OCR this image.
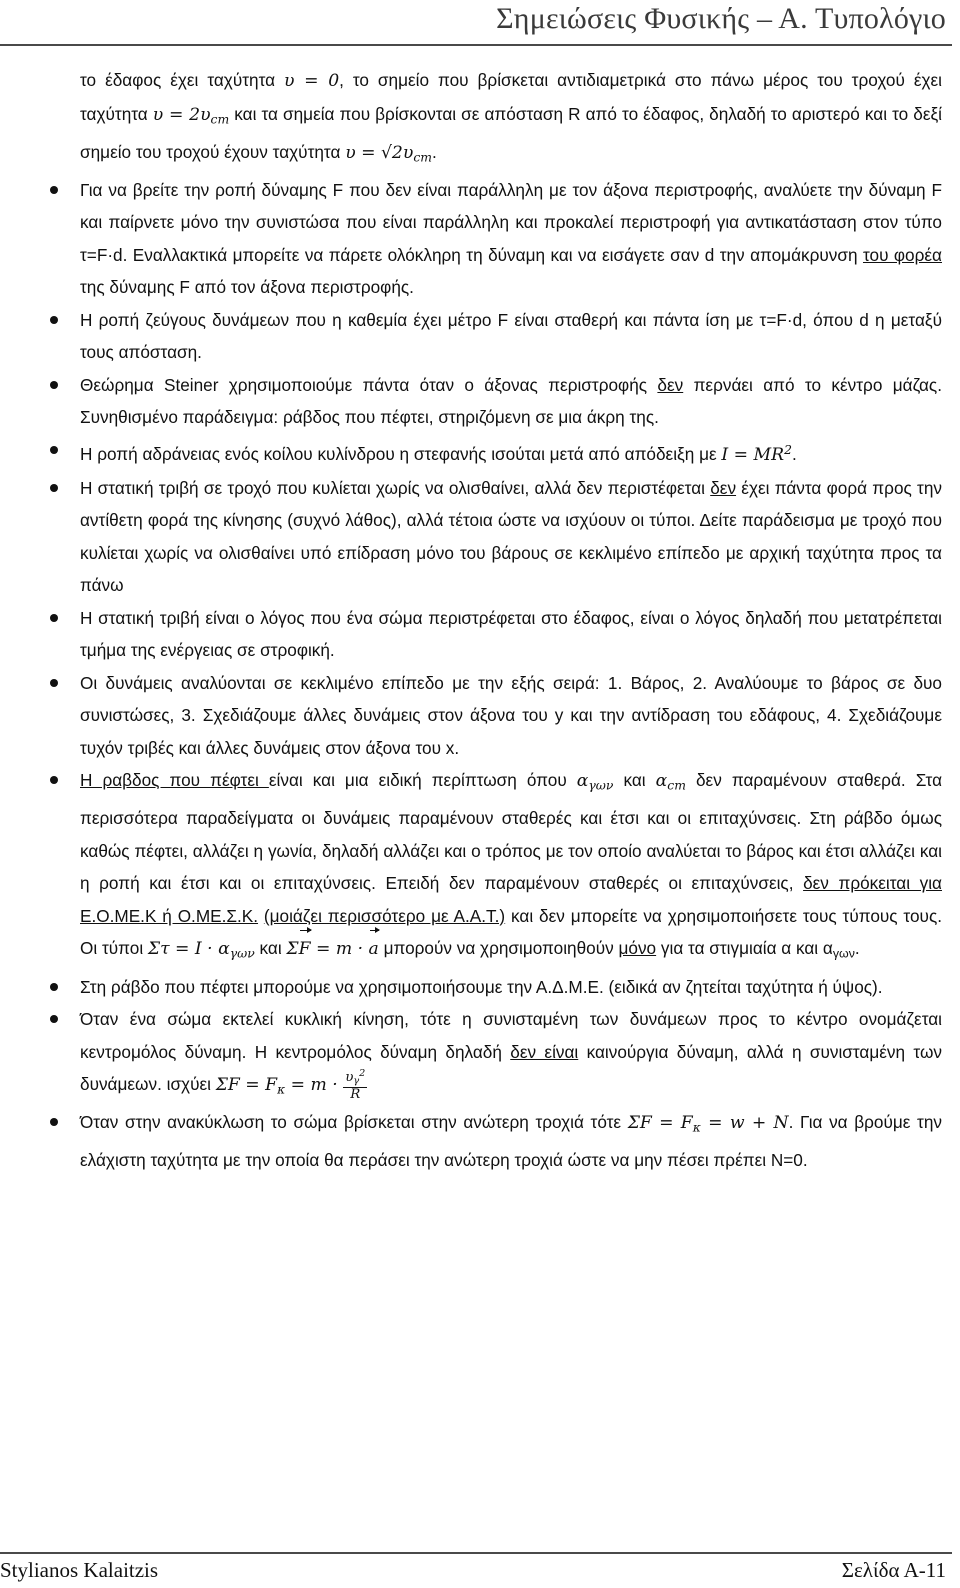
Σημειώσεις Φυσικής – Α. Τυπολόγιο

το έδαφος έχει ταχύτητα υ = 0, το σημείο που βρίσκεται αντιδιαμετρικά στο πάνω μέρος του τροχού έχει ταχύτητα $\upsilon = 2\upsilon_{cm}$ και τα σημεία που βρίσκονται σε απόσταση R από το έδαφος, δηλαδή το αριστερό και το δεξί σημείο του τροχού έχουν ταχύτητα $\upsilon = √2\upsilon_{cm}$.

Για να βρείτε την ροπή δύναμης F που δεν είναι παράλληλη με τον άξονα περιστροφής, αναλύετε την δύναμη F και παίρνετε μόνο την συνιστώσα που είναι παράλληλη και προκαλεί περιστροφή για αντικατάσταση στον τύπο τ=F·d. Εναλλακτικά μπορείτε να πάρετε ολόκληρη τη δύναμη και να εισάγετε σαν d την απομάκρυνση του φορέα της δύναμης F από τον άξονα περιστροφής.
Η ροπή ζεύγους δυνάμεων που η καθεμία έχει μέτρο F είναι σταθερή και πάντα ίση με τ=F·d, όπου d η μεταξύ τους απόσταση.
Θεώρημα Steiner χρησιμοποιούμε πάντα όταν ο άξονας περιστροφής δεν περνάει από το κέντρο μάζας. Συνηθισμένο παράδειγμα: ράβδος που πέφτει, στηριζόμενη σε μια άκρη της.
Η ροπή αδράνειας ενός κοίλου κυλίνδρου η στεφανής ισούται μετά από απόδειξη με $I = MR^2$.
Η στατική τριβή σε τροχό που κυλίεται χωρίς να ολισθαίνει, αλλά δεν περιστέφεται δεν έχει πάντα φορά προς την αντίθετη φορά της κίνησης (συχνό λάθος), αλλά τέτοια ώστε να ισχύουν οι τύποι. Δείτε παράδεισμα με τροχό που κυλίεται χωρίς να ολισθαίνει υπό επίδραση μόνο του βάρους σε κεκλιμένο επίπεδο με αρχική ταχύτητα προς τα πάνω
Η στατική τριβή είναι ο λόγος που ένα σώμα περιστρέφεται στο έδαφος, είναι ο λόγος δηλαδή που μετατρέπεται τμήμα της ενέργειας σε στροφική.
Οι δυνάμεις αναλύονται σε κεκλιμένο επίπεδο με την εξής σειρά: 1. Βάρος, 2. Αναλύουμε το βάρος σε δυο συνιστώσες, 3. Σχεδιάζουμε άλλες δυνάμεις στον άξονα του y και την αντίδραση του εδάφους, 4. Σχεδιάζουμε τυχόν τριβές και άλλες δυνάμεις στον άξονα του x.
Η ραβδος που πέφτει είναι και μια ειδική περίπτωση όπου $\alpha_{\gamma\omega\nu}$ και $\alpha_{cm}$ δεν παραμένουν σταθερά. Στα περισσότερα παραδείγματα οι δυνάμεις παραμένουν σταθερές και έτσι και οι επιταχύνσεις. Στη ράβδο όμως καθώς πέφτει, αλλάζει η γωνία, δηλαδή αλλάζει και ο τρόπος με τον οποίο αναλύεται το βάρος και έτσι αλλάζει και η ροπή και έτσι και οι επιταχύνσεις. Επειδή δεν παραμένουν σταθερές οι επιταχύνσεις, δεν πρόκειται για Ε.Ο.ΜΕ.Κ ή Ο.ΜΕ.Σ.Κ. (μοιάζει περισσότερο με Α.Α.Τ.) και δεν μπορείτε να χρησιμοποιήσετε τους τύπους τους. Οι τύποι $\Sigma\tau = I \cdot \alpha_{\gamma\omega\nu}$ και ΣF = m · a μπορούν να χρησιμοποιηθούν μόνο για τα στιγμιαία α και $\alpha_{\gamma\omega\nu}$.
Στη ράβδο που πέφτει μπορούμε να χρησιμοποιήσουμε την Α.Δ.Μ.Ε. (ειδικά αν ζητείται ταχύτητα ή ύψος).
Όταν ένα σώμα εκτελεί κυκλική κίνηση, τότε η συνισταμένη των δυνάμεων προς το κέντρο ονομάζεται κεντρομόλος δύναμη. Η κεντρομόλος δύναμη δηλαδή δεν είναι καινούργια δύναμη, αλλά η συνισταμένη των δυνάμεων. ισχύει $\Sigma F = F_\kappa = m \cdot \frac{\upsilon_\gamma^2}{R}$
Όταν στην ανακύκλωση το σώμα βρίσκεται στην ανώτερη τροχιά τότε $\Sigma F = F_\kappa = w + N$. Για να βρούμε την ελάχιστη ταχύτητα με την οποία θα περάσει την ανώτερη τροχιά ώστε να μην πέσει πρέπει N=0.
Stylianos Kalaitzis	Σελίδα Α-11
